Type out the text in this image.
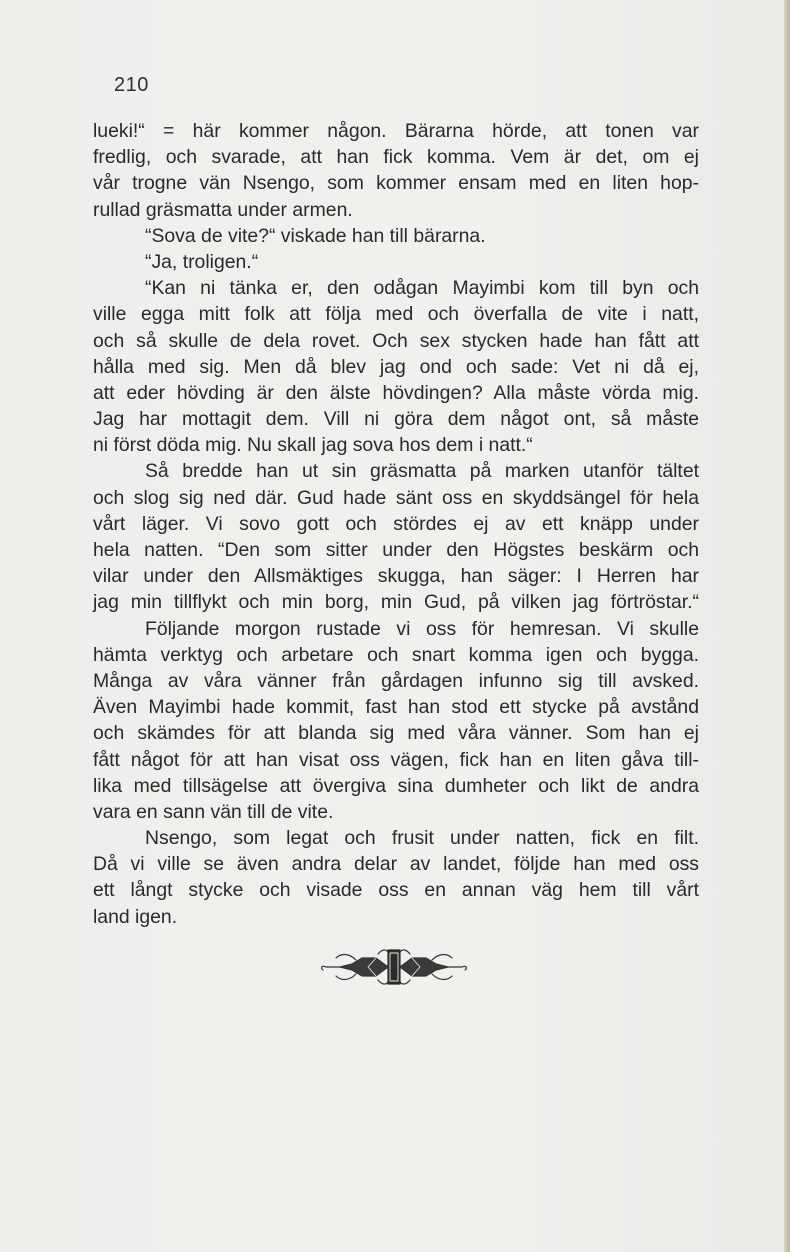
210
lueki!“ = här kommer någon. Bärarna hörde, att tonen var
fredlig, och svarade, att han fick komma. Vem är det, om ej
vår trogne vän Nsengo, som kommer ensam med en liten hop-
rullad gräsmatta under armen.
“Sova de vite?“ viskade han till bärarna.
“Ja, troligen.“
“Kan ni tänka er, den odågan Mayimbi kom till byn och
ville egga mitt folk att följa med och överfalla de vite i natt,
och så skulle de dela rovet. Och sex stycken hade han fått att
hålla med sig. Men då blev jag ond och sade: Vet ni då ej,
att eder hövding är den älste hövdingen? Alla måste vörda mig.
Jag har mottagit dem. Vill ni göra dem något ont, så måste
ni först döda mig. Nu skall jag sova hos dem i natt.“
Så bredde han ut sin gräsmatta på marken utanför tältet
och slog sig ned där. Gud hade sänt oss en skyddsängel för hela
vårt läger. Vi sovo gott och stördes ej av ett knäpp under
hela natten. “Den som sitter under den Högstes beskärm och
vilar under den Allsmäktiges skugga, han säger: I Herren har
jag min tillflykt och min borg, min Gud, på vilken jag förtröstar.“
Följande morgon rustade vi oss för hemresan. Vi skulle
hämta verktyg och arbetare och snart komma igen och bygga.
Många av våra vänner från gårdagen infunno sig till avsked.
Även Mayimbi hade kommit, fast han stod ett stycke på avstånd
och skämdes för att blanda sig med våra vänner. Som han ej
fått något för att han visat oss vägen, fick han en liten gåva till-
lika med tillsägelse att övergiva sina dumheter och likt de andra
vara en sann vän till de vite.
Nsengo, som legat och frusit under natten, fick en filt.
Då vi ville se även andra delar av landet, följde han med oss
ett långt stycke och visade oss en annan väg hem till vårt
land igen.
